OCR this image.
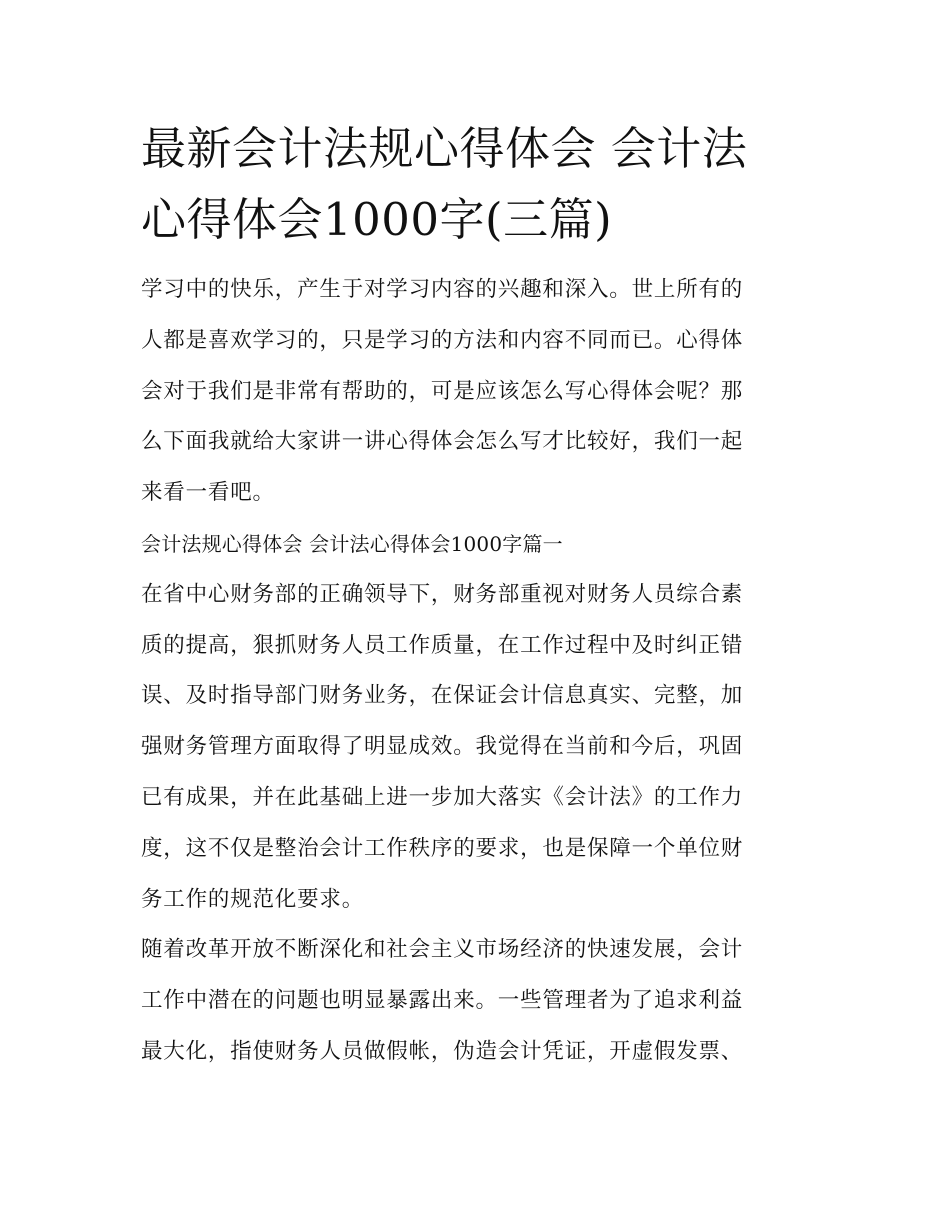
最新会计法规心得体会 会计法
心得体会1000字(三篇)

学习中的快乐，产生于对学习内容的兴趣和深入。世上所有的
人都是喜欢学习的，只是学习的方法和内容不同而已。心得体
会对于我们是非常有帮助的，可是应该怎么写心得体会呢？那
么下面我就给大家讲一讲心得体会怎么写才比较好，我们一起
来看一看吧。

会计法规心得体会 会计法心得体会1000字篇一

在省中心财务部的正确领导下，财务部重视对财务人员综合素
质的提高，狠抓财务人员工作质量，在工作过程中及时纠正错
误、及时指导部门财务业务，在保证会计信息真实、完整，加
强财务管理方面取得了明显成效。我觉得在当前和今后，巩固
已有成果，并在此基础上进一步加大落实《会计法》的工作力
度，这不仅是整治会计工作秩序的要求，也是保障一个单位财
务工作的规范化要求。

随着改革开放不断深化和社会主义市场经济的快速发展，会计
工作中潜在的问题也明显暴露出来。一些管理者为了追求利益
最大化，指使财务人员做假帐，伪造会计凭证，开虚假发票、
